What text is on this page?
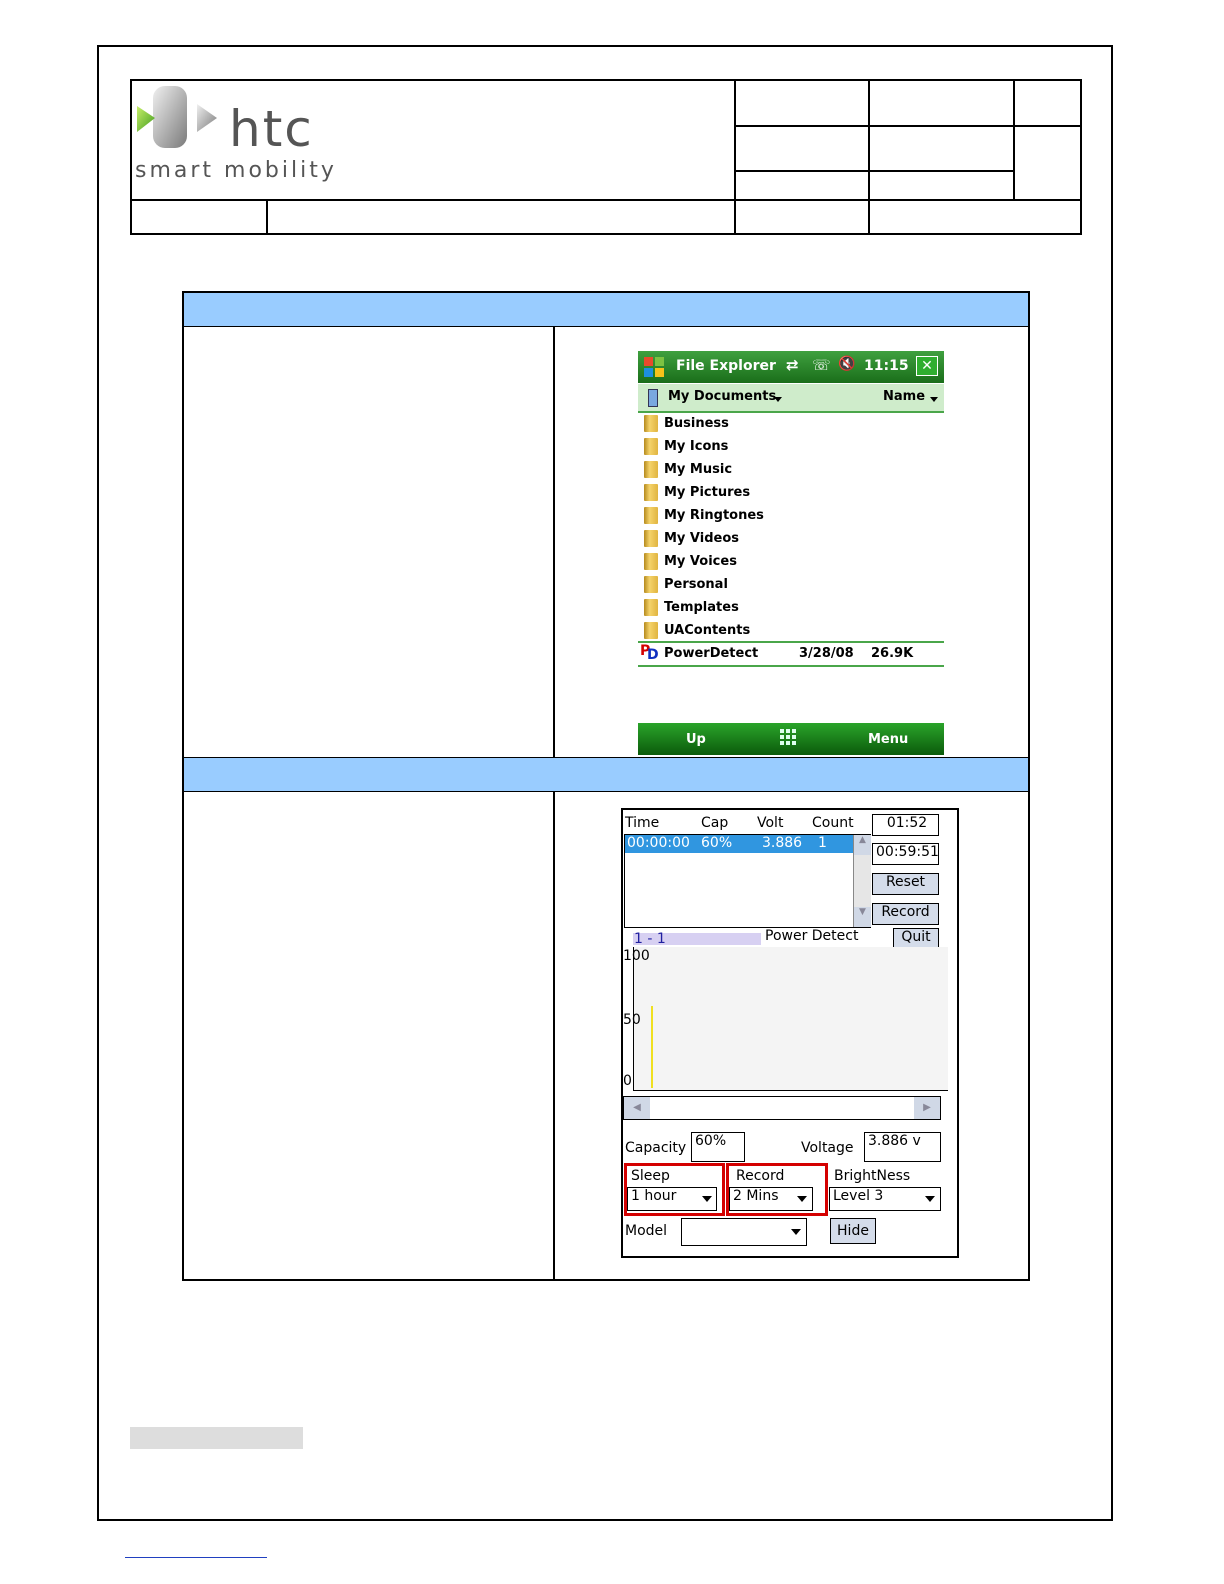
htc
smart mobility
File Explorer ⇄ ☏ 🔇 11:15 ✕
My Documents	Name
Business
My Icons
My Music
My Pictures
My Ringtones
My Videos
My Voices
Personal
Templates
UAContents
P
D PowerDetect	3/28/08 26.9K
Up	Menu
Time	Cap Volt Count
00:00:00 60% 3.886 1	▲
▼
01:52
00:59:51
Reset
Record
1 - 1	Power Detect	Quit
100
50
0
◀	▶
Capacity 60%	Voltage 3.886 v
Sleep
1 hour
Record
2 Mins
BrightNess
Level 3
Model	Hide
